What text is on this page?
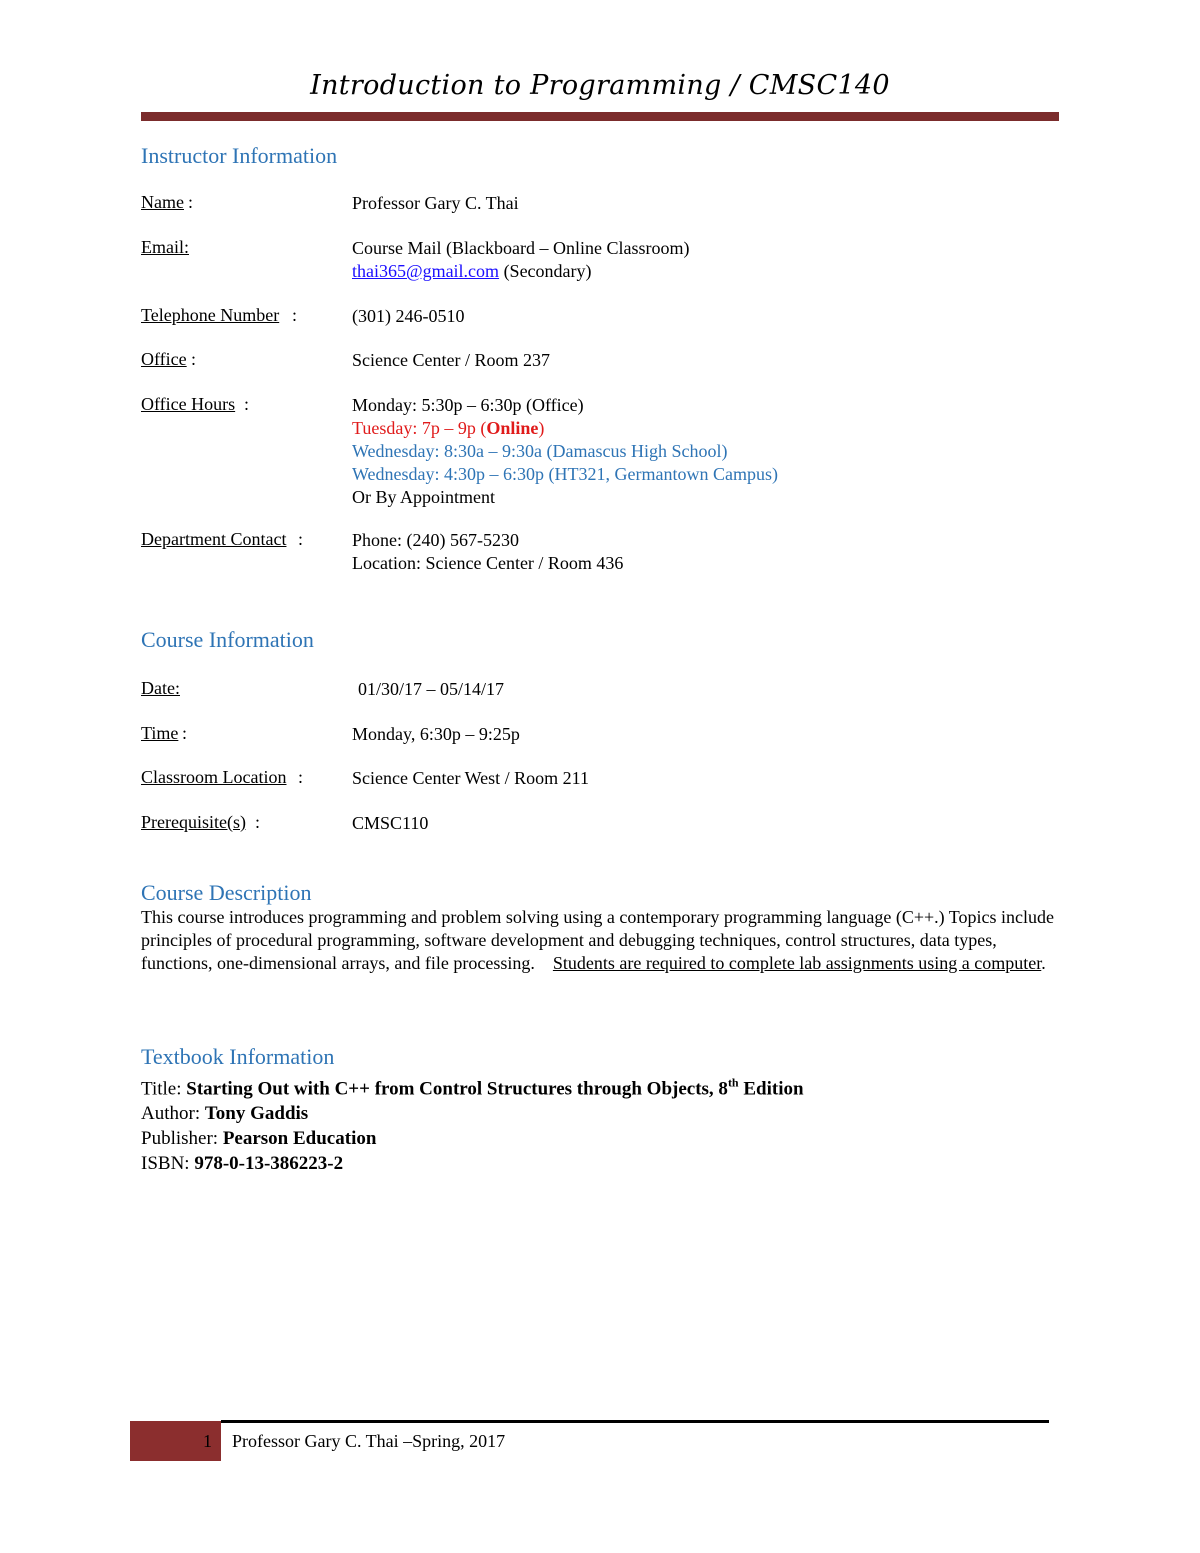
Introduction to Programming / CMSC140
Instructor Information
Name :	Professor Gary C. Thai
Email:	Course Mail (Blackboard – Online Classroom)
thai365@gmail.com (Secondary)
Telephone Number :	(301) 246-0510
Office :	Science Center / Room 237
Office Hours :	Monday: 5:30p – 6:30p (Office)
Tuesday: 7p – 9p (Online)
Wednesday: 8:30a – 9:30a (Damascus High School)
Wednesday: 4:30p – 6:30p (HT321, Germantown Campus)
Or By Appointment
Department Contact :	Phone: (240) 567-5230
Location: Science Center / Room 436
Course Information
Date:	01/30/17 – 05/14/17
Time :	Monday, 6:30p – 9:25p
Classroom Location :	Science Center West / Room 211
Prerequisite(s) :	CMSC110
Course Description
This course introduces programming and problem solving using a contemporary programming language (C++.) Topics include principles of procedural programming, software development and debugging techniques, control structures, data types, functions, one-dimensional arrays, and file processing. Students are required to complete lab assignments using a computer.
Textbook Information
Title: Starting Out with C++ from Control Structures through Objects, 8th Edition
Author: Tony Gaddis
Publisher: Pearson Education
ISBN: 978-0-13-386223-2
1 Professor Gary C. Thai –Spring, 2017
